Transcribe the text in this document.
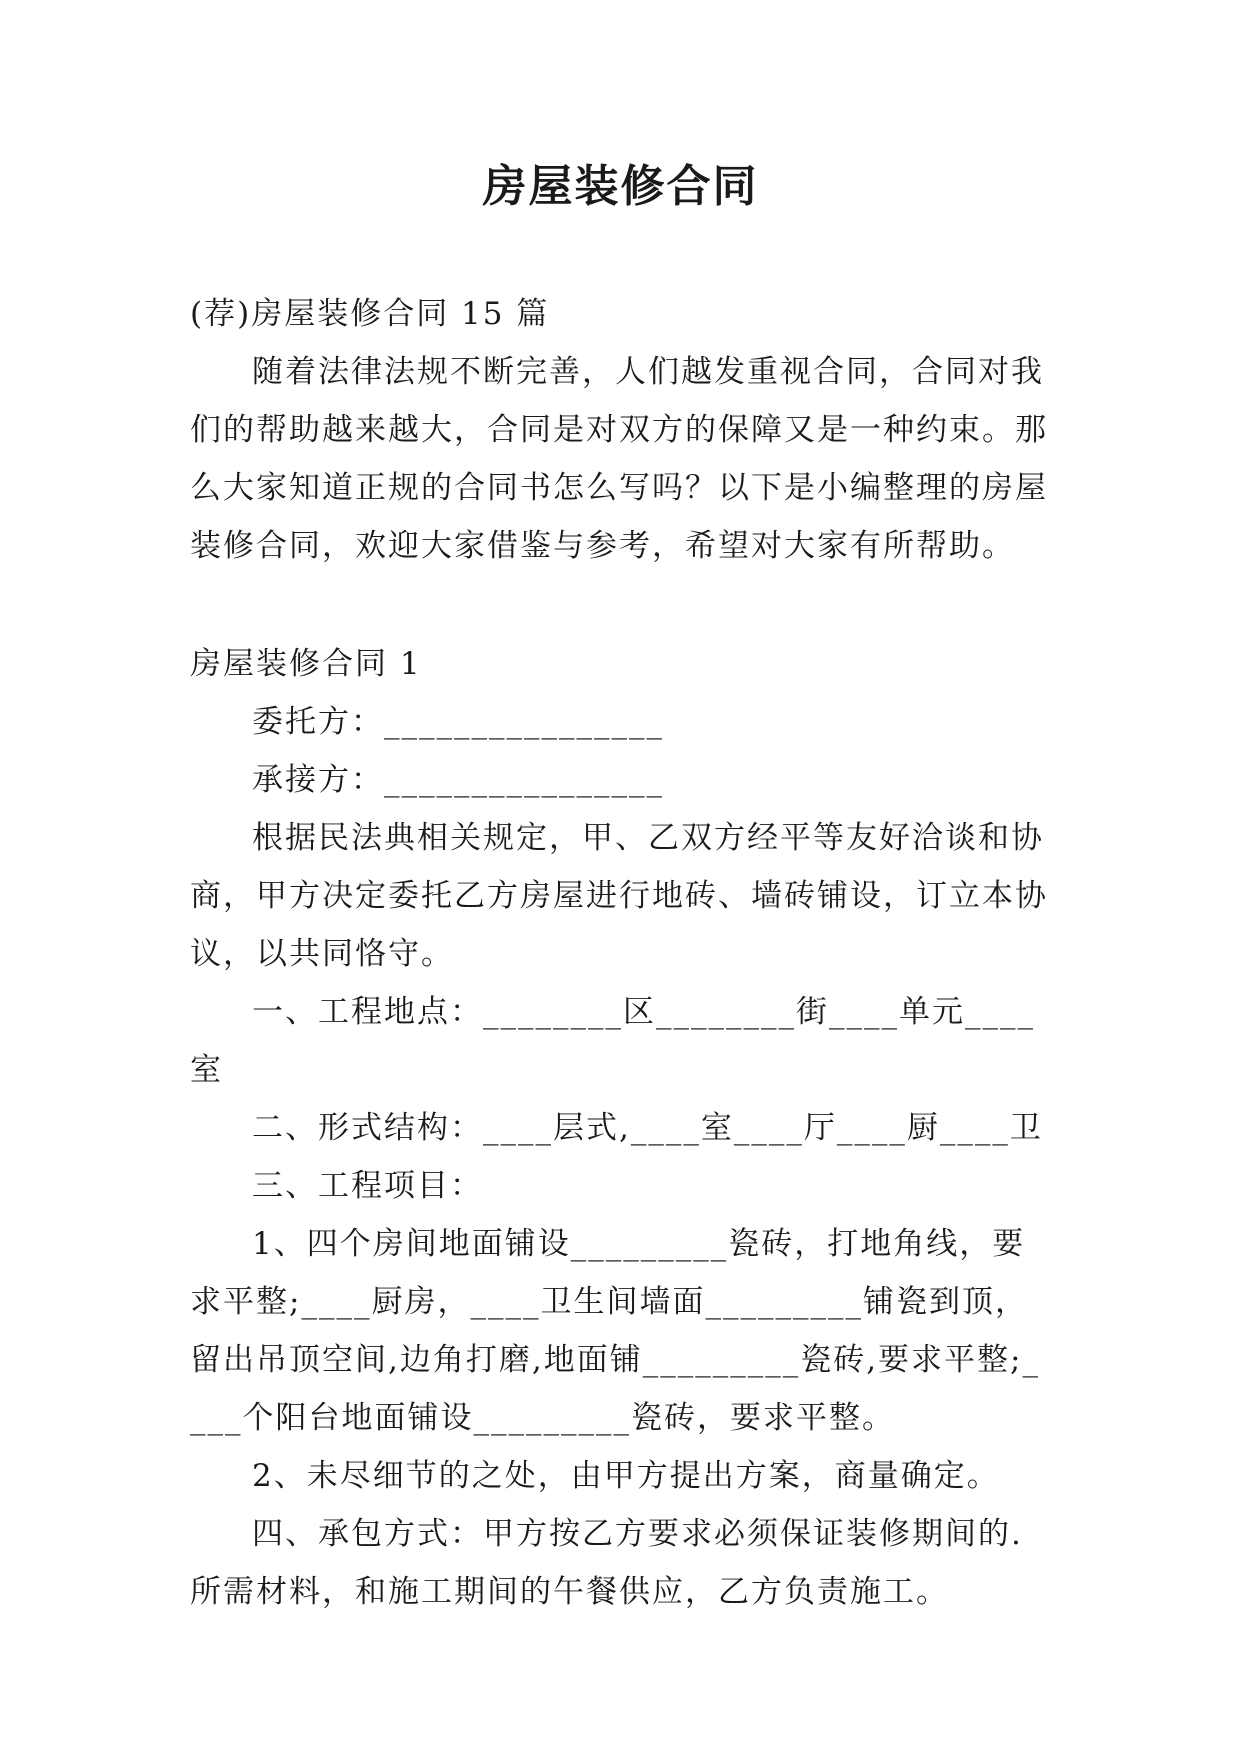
房屋装修合同

(荐)房屋装修合同 15 篇

随着法律法规不断完善，人们越发重视合同，合同对我们的帮助越来越大，合同是对双方的保障又是一种约束。那么大家知道正规的合同书怎么写吗？以下是小编整理的房屋装修合同，欢迎大家借鉴与参考，希望对大家有所帮助。

房屋装修合同 1

委托方：________________

承接方：________________

根据民法典相关规定，甲、乙双方经平等友好洽谈和协商，甲方决定委托乙方房屋进行地砖、墙砖铺设，订立本协议，以共同恪守。

一、工程地点：________区________街____单元____室

二、形式结构：____层式,____室____厅____厨____卫

三、工程项目：

1、四个房间地面铺设_________瓷砖，打地角线，要求平整;____厨房，____卫生间墙面_________铺瓷到顶，留出吊顶空间,边角打磨,地面铺_________瓷砖,要求平整;____个阳台地面铺设_________瓷砖，要求平整。

2、未尽细节的之处，由甲方提出方案，商量确定。

四、承包方式：甲方按乙方要求必须保证装修期间的.所需材料，和施工期间的午餐供应，乙方负责施工。
